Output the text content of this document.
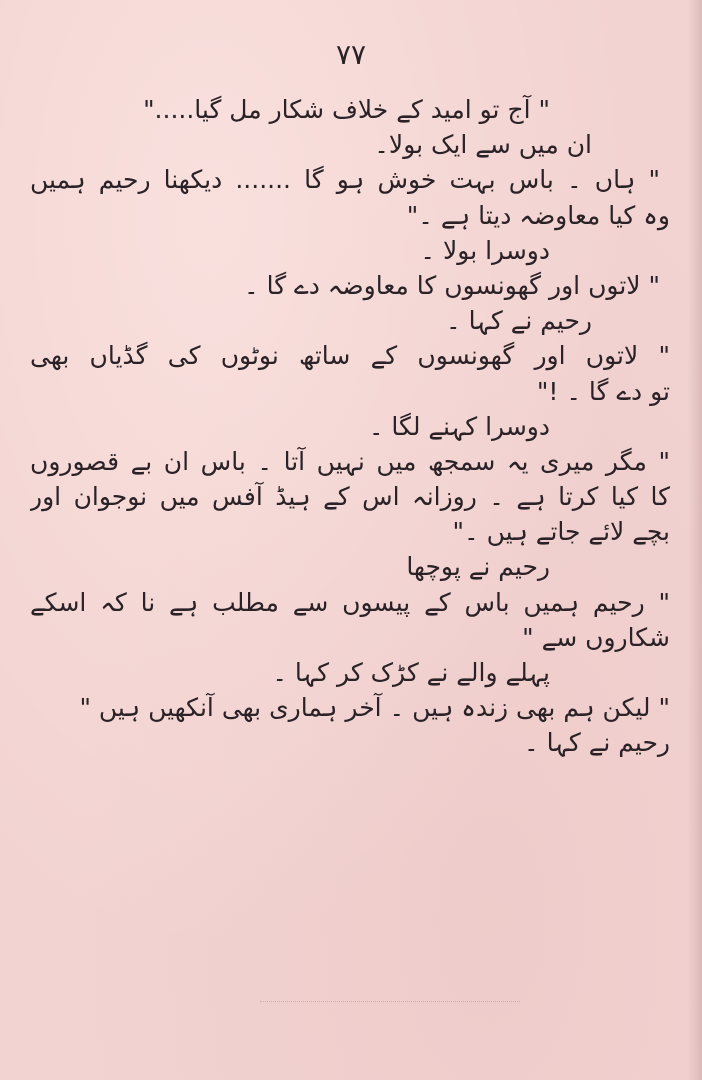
۷۷
" آج تو امید کے خلاف شکار مل گیا....."
ان میں سے ایک بولا۔
" ہاں ۔ باس بہت خوش ہو گا ....... دیکھنا رحیم ہمیں
وہ کیا معاوضہ دیتا ہے ۔"
دوسرا بولا ۔
" لاتوں اور گھونسوں کا معاوضہ دے گا ۔
رحیم نے کہا ۔
" لاتوں اور گھونسوں کے ساتھ نوٹوں کی گڈیاں بھی
تو دے گا ۔ !"
دوسرا کہنے لگا ۔
" مگر میری یہ سمجھ میں نہیں آتا ۔ باس ان بے قصوروں
کا کیا کرتا ہے ۔ روزانہ اس کے ہیڈ آفس میں نوجوان اور
بچے لائے جاتے ہیں ۔"
رحیم نے پوچھا
" رحیم ہمیں باس کے پیسوں سے مطلب ہے نا کہ اسکے
شکاروں سے "
پہلے والے نے کڑک کر کہا ۔
" لیکن ہم بھی زندہ ہیں ۔ آخر ہماری بھی آنکھیں ہیں "
رحیم نے کہا ۔
